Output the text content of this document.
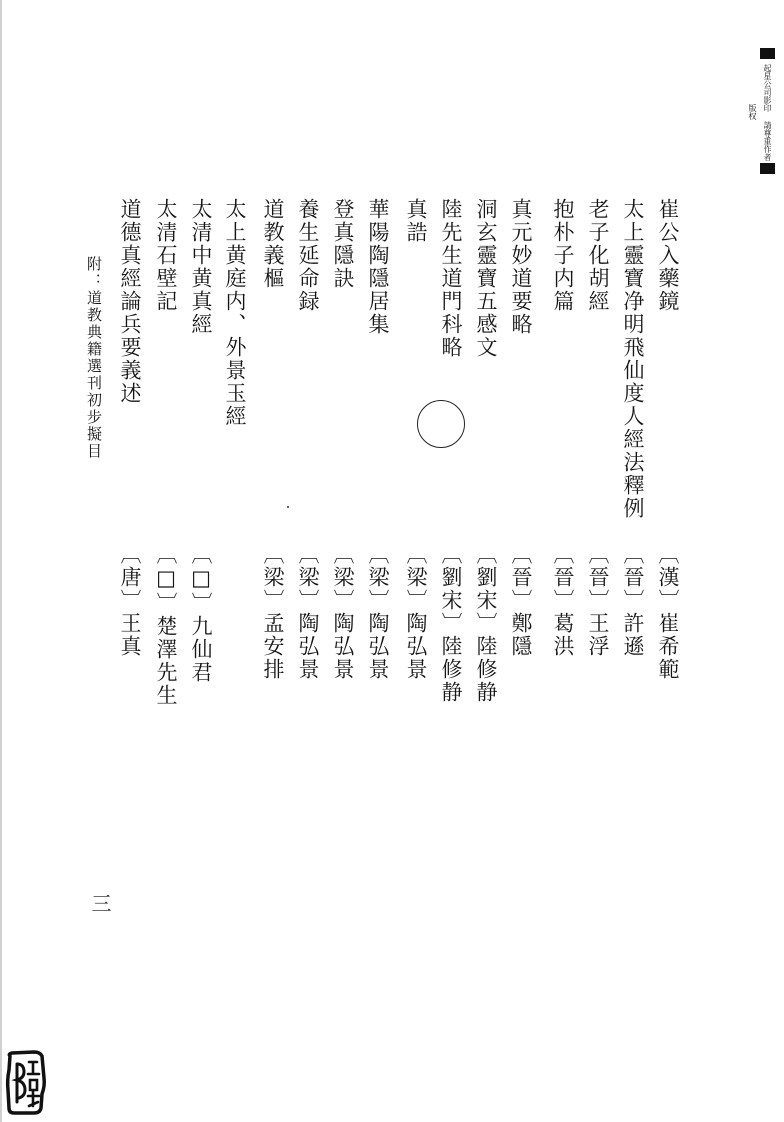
起星公司影印 請尊重作者版权
崔公入藥鏡
太上靈寶净明飛仙度人經法釋例
老子化胡經
抱朴子内篇
真元妙道要略
洞玄靈寶五感文
陸先生道門科略
真誥
華陽陶隱居集
登真隱訣
養生延命録
道教義樞
太上黄庭内、外景玉經
太清中黄真經
太清石壁記
道德真經論兵要義述
〔漢〕崔希範
〔晉〕許遜
〔晉〕王浮
〔晉〕葛洪
〔晉〕鄭隱
〔劉宋〕陸修静
〔劉宋〕陸修静
〔梁〕陶弘景
〔梁〕陶弘景
〔梁〕陶弘景
〔梁〕陶弘景
〔梁〕孟安排
〔□〕九仙君
〔□〕楚澤先生
〔唐〕王真
附：道教典籍選刊初步擬目
三
